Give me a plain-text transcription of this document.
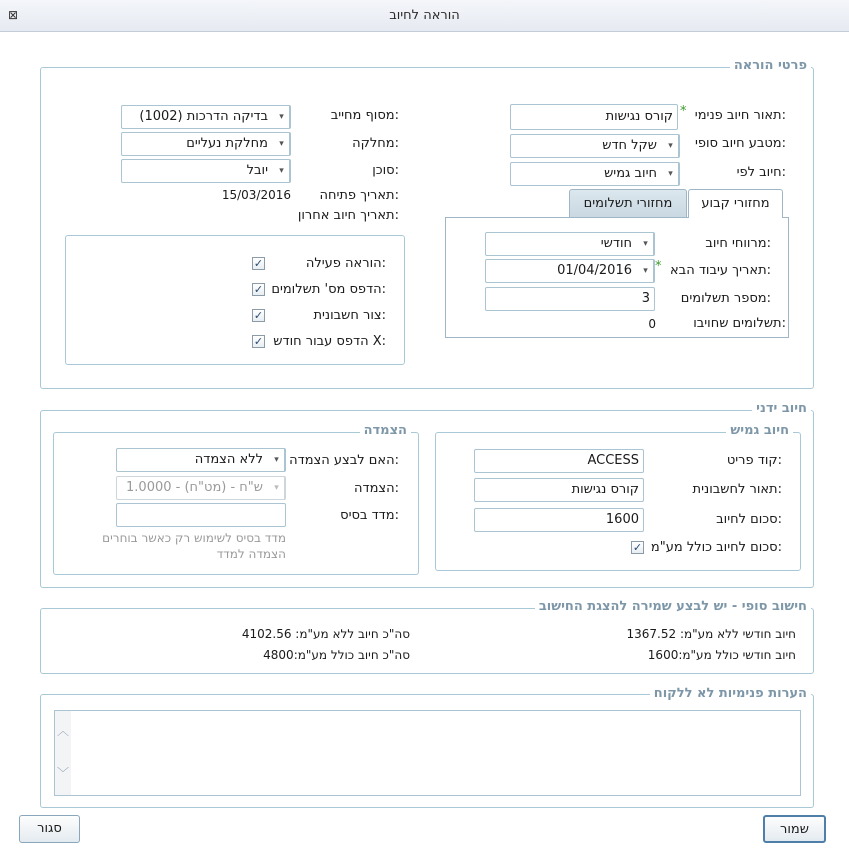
הוראה לחיוב
⊠
פרטי הוראה
תאור חיוב פנימי:
*
קורס נגישות
מטבע חיוב סופי:
שקל חדש	▾
חיוב לפי:
חיוב גמיש	▾
מסוף מחייב:
בדיקה הדרכות (1002)	▾
מחלקה:
מחלקת נעליים	▾
סוכן:
יובל	▾
תאריך פתיחה:
15/03/2016
תאריך חיוב אחרון:
מחזורי קבוע
מחזורי תשלומים
מרווחי חיוב:
חודשי	▾
תאריך עיבוד הבא:
*
01/04/2016	▾
מספר תשלומים:
3
תשלומים שחויבו:
0
הוראה פעילה:
✓
הדפס מס' תשלומים:
✓
צור חשבונית:
✓
הדפס עבור חודש X:
✓
חיוב ידני
חיוב גמיש
קוד פריט:
ACCESS
תאור לחשבונית:
קורס נגישות
סכום לחיוב:
1600
סכום לחיוב כולל מע"מ:
✓
הצמדה
האם לבצע הצמדה:
ללא הצמדה	▾
הצמדה:
ש"ח - (מט"ח) - 1.0000	▾
מדד בסיס:
מדד בסיס לשימוש רק כאשר בוחרים
הצמדה למדד
חישוב סופי - יש לבצע שמירה להצגת החישוב
חיוב חודשי ללא מע"מ: 1367.52
חיוב חודשי כולל מע"מ:1600
סה"כ חיוב ללא מע"מ: 4102.56
סה"כ חיוב כולל מע"מ:4800
הערות פנימיות לא ללקוח
︿
﹀
שמור
סגור
